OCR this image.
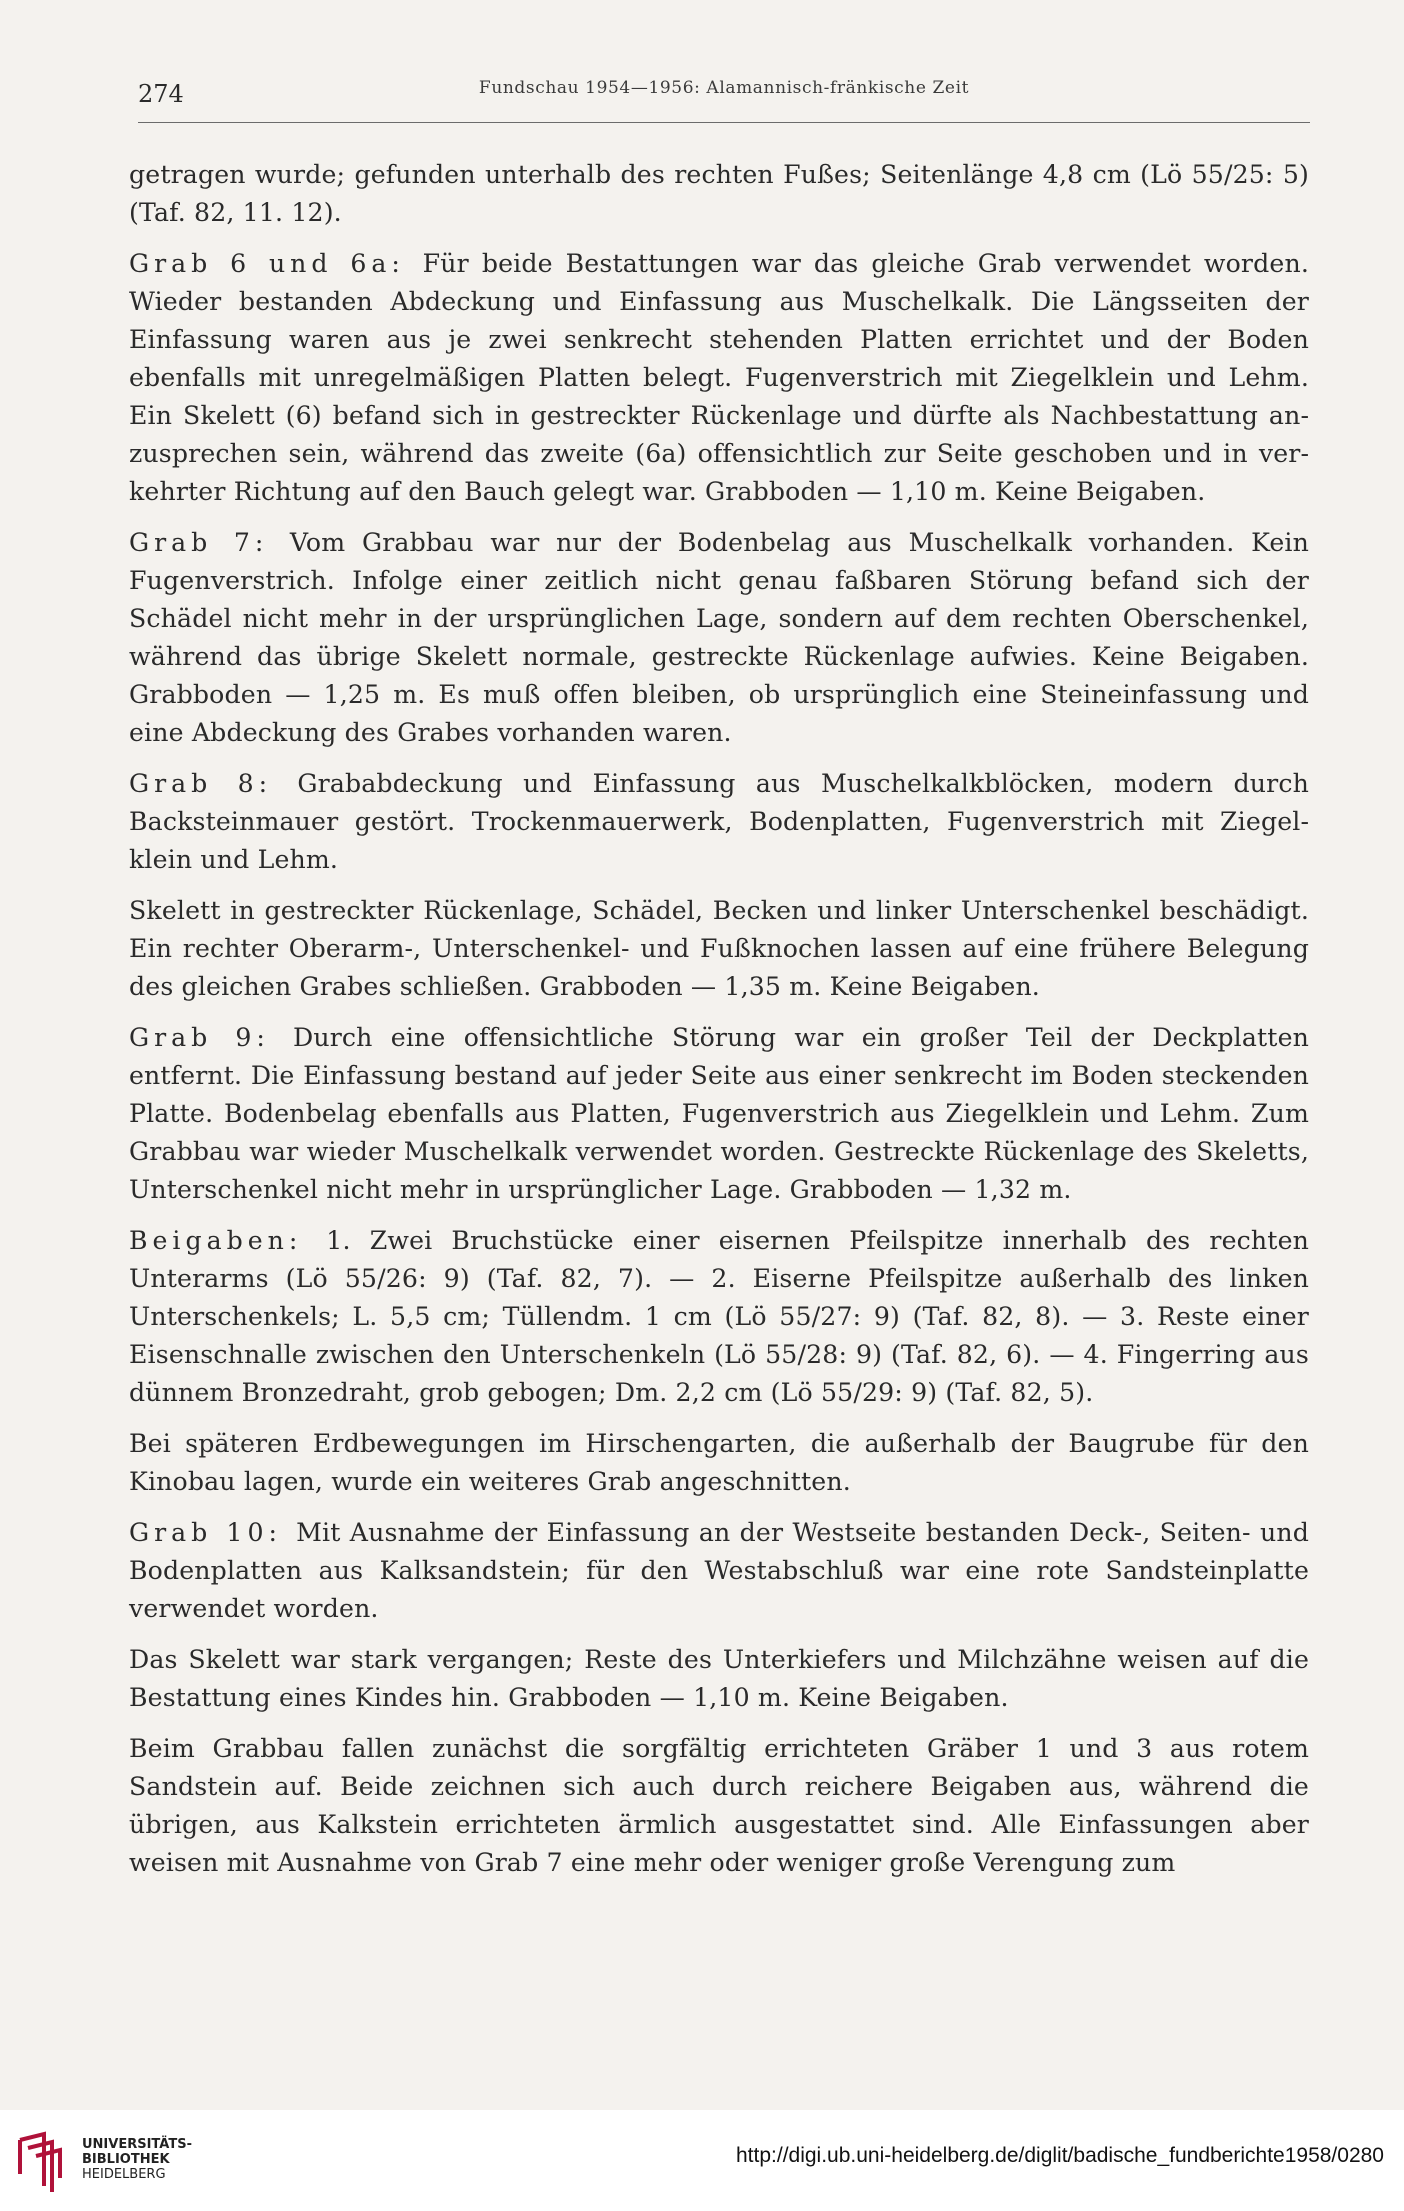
274	Fundschau 1954—1956: Alamannisch-fränkische Zeit

getragen wurde; gefunden unterhalb des rechten Fußes; Seitenlänge 4,8 cm (Lö 55/25: 5) (Taf. 82, 11. 12).

Grab 6 und 6a: Für beide Bestattungen war das gleiche Grab verwendet worden. Wieder bestanden Abdeckung und Einfassung aus Muschelkalk. Die Längsseiten der Einfassung waren aus je zwei senkrecht stehenden Platten errichtet und der Boden ebenfalls mit unregelmäßigen Platten belegt. Fugenverstrich mit Ziegelklein und Lehm. Ein Skelett (6) befand sich in gestreckter Rückenlage und dürfte als Nachbestattung anzusprechen sein, während das zweite (6a) offensichtlich zur Seite geschoben und in verkehrter Richtung auf den Bauch gelegt war. Grabboden — 1,10 m. Keine Beigaben.

Grab 7: Vom Grabbau war nur der Bodenbelag aus Muschelkalk vorhanden. Kein Fugenverstrich. Infolge einer zeitlich nicht genau faßbaren Störung befand sich der Schädel nicht mehr in der ursprünglichen Lage, sondern auf dem rechten Oberschenkel, während das übrige Skelett normale, gestreckte Rückenlage aufwies. Keine Beigaben. Grabboden — 1,25 m. Es muß offen bleiben, ob ursprünglich eine Steineinfassung und eine Abdeckung des Grabes vorhanden waren.

Grab 8: Grababdeckung und Einfassung aus Muschelkalkblöcken, modern durch Backsteinmauer gestört. Trockenmauerwerk, Bodenplatten, Fugenverstrich mit Ziegelklein und Lehm.

Skelett in gestreckter Rückenlage, Schädel, Becken und linker Unterschenkel beschädigt. Ein rechter Oberarm-, Unterschenkel- und Fußknochen lassen auf eine frühere Belegung des gleichen Grabes schließen. Grabboden — 1,35 m. Keine Beigaben.

Grab 9: Durch eine offensichtliche Störung war ein großer Teil der Deckplatten entfernt. Die Einfassung bestand auf jeder Seite aus einer senkrecht im Boden steckenden Platte. Bodenbelag ebenfalls aus Platten, Fugenverstrich aus Ziegelklein und Lehm. Zum Grabbau war wieder Muschelkalk verwendet worden. Gestreckte Rückenlage des Skeletts, Unterschenkel nicht mehr in ursprünglicher Lage. Grabboden — 1,32 m.

Beigaben: 1. Zwei Bruchstücke einer eisernen Pfeilspitze innerhalb des rechten Unterarms (Lö 55/26: 9) (Taf. 82, 7). — 2. Eiserne Pfeilspitze außerhalb des linken Unterschenkels; L. 5,5 cm; Tüllendm. 1 cm (Lö 55/27: 9) (Taf. 82, 8). — 3. Reste einer Eisenschnalle zwischen den Unterschenkeln (Lö 55/28: 9) (Taf. 82, 6). — 4. Fingerring aus dünnem Bronzedraht, grob gebogen; Dm. 2,2 cm (Lö 55/29: 9) (Taf. 82, 5).

Bei späteren Erdbewegungen im Hirschengarten, die außerhalb der Baugrube für den Kinobau lagen, wurde ein weiteres Grab angeschnitten.

Grab 10: Mit Ausnahme der Einfassung an der Westseite bestanden Deck-, Seiten- und Bodenplatten aus Kalksandstein; für den Westabschluß war eine rote Sandsteinplatte verwendet worden.

Das Skelett war stark vergangen; Reste des Unterkiefers und Milchzähne weisen auf die Bestattung eines Kindes hin. Grabboden — 1,10 m. Keine Beigaben.

Beim Grabbau fallen zunächst die sorgfältig errichteten Gräber 1 und 3 aus rotem Sandstein auf. Beide zeichnen sich auch durch reichere Beigaben aus, während die übrigen, aus Kalkstein errichteten ärmlich ausgestattet sind. Alle Einfassungen aber weisen mit Ausnahme von Grab 7 eine mehr oder weniger große Verengung zum

UNIVERSITÄTS-
BIBLIOTHEK
HEIDELBERG
http://digi.ub.uni-heidelberg.de/diglit/badische_fundberichte1958/0280
